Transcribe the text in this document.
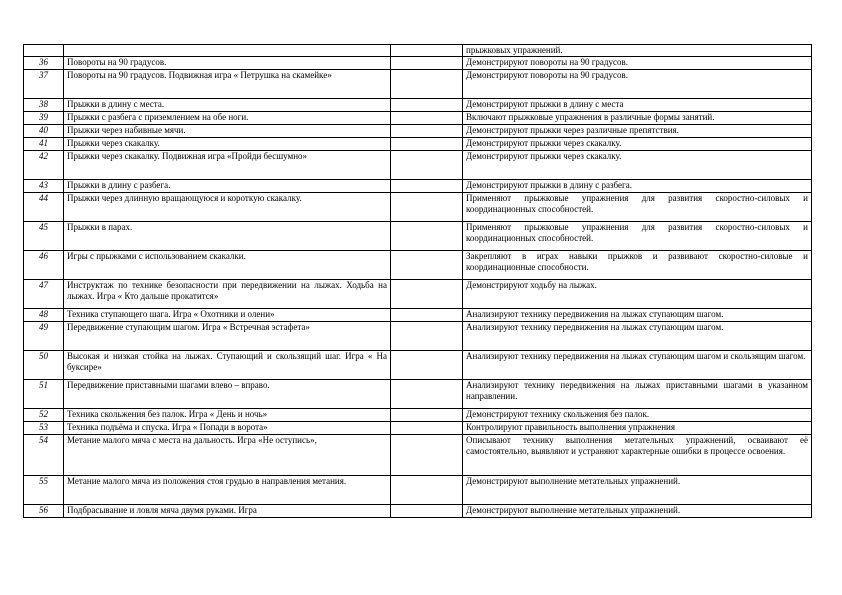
			прыжковых упражнений.
36	Повороты на 90 градусов.		Демонстрируют повороты на 90 градусов.
37	Повороты на 90 градусов. Подвижная игра « Петрушка на скамейке»		Демонстрируют повороты на 90 градусов.
38	Прыжки в длину с места.		Демонстрируют прыжки в длину с места
39	Прыжки с разбега с приземлением на обе ноги.		Включают прыжковые упражнения в различные формы занятий.
40	Прыжки через набивные мячи.		Демонстрируют прыжки через различные препятствия.
41	Прыжки через скакалку.		Демонстрируют прыжки через скакалку.
42	Прыжки через скакалку. Подвижная игра «Пройди бесшумно»		Демонстрируют прыжки через скакалку.
43	Прыжки в длину с разбега.		Демонстрируют прыжки в длину с разбега.
44	Прыжки через длинную вращающуюся и короткую скакалку.		Применяют прыжковые упражнения для развития скоростно-силовых и координационных способностей.
45	Прыжки в парах.		Применяют прыжковые упражнения для развития скоростно-силовых и координационных способностей.
46	Игры с прыжками с использованием скакалки.		Закрепляют в играх навыки прыжков и развивают скоростно-силовые и координационные способности.
47	Инструктаж по технике безопасности при передвижении на лыжах. Ходьба на лыжах. Игра « Кто дальше прокатится»		Демонстрируют ходьбу на лыжах.
48	Техника ступающего шага. Игра « Охотники и олени»		Анализируют технику передвижения на лыжах ступающим шагом.
49	Передвижение ступающим шагом. Игра « Встречная эстафета»		Анализируют технику передвижения на лыжах ступающим шагом.
50	Высокая и низкая стойка на лыжах. Ступающий и скользящий шаг. Игра « На буксире»		Анализируют технику передвижения на лыжах ступающим шагом и скользящим шагом.
51	Передвижение приставными шагами влево – вправо.		Анализируют технику передвижения на лыжах приставными шагами в указанном направлении.
52	Техника скольжения без палок. Игра « День и ночь»		Демонстрируют технику скольжения без палок.
53	Техника подъёма и спуска. Игра « Попади в ворота»		Контролируют правильность выполнения упражнения
54	Метание малого мяча с места на дальность. Игра «Не оступись»,		Описывают технику выполнения метательных упражнений, осваивают её самостоятельно, выявляют и устраняют характерные ошибки в процессе освоения.
55	Метание малого мяча из положения стоя грудью в направления метания.		Демонстрируют выполнение метательных упражнений.
56	Подбрасывание и ловля мяча двумя руками. Игра		Демонстрируют выполнение метательных упражнений.
